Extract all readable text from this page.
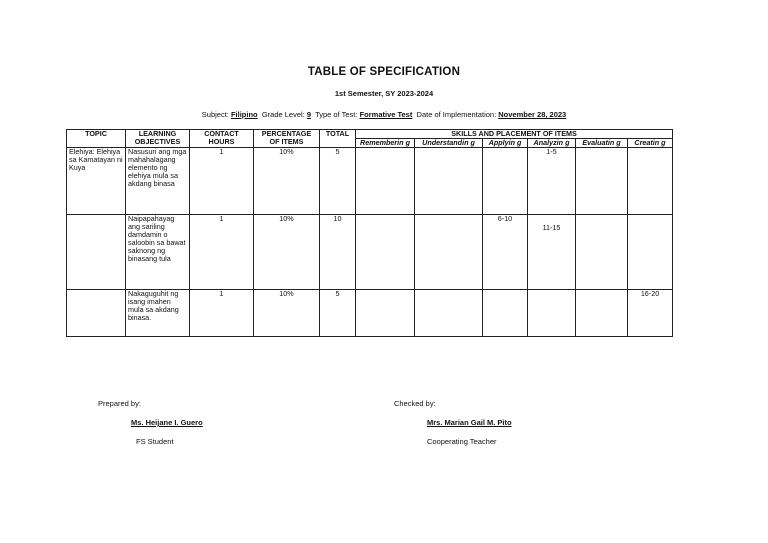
TABLE OF SPECIFICATION
1st Semester, SY 2023-2024
Subject: Filipino Grade Level: 9 Type of Test: Formative Test Date of Implementation: November 28, 2023
TOPIC	LEARNING OBJECTIVES	CONTACT HOURS	PERCENTAGE OF ITEMS	TOTAL	SKILLS AND PLACEMENT OF ITEMS					
					Rememberin g	Understandin g	Applyin g	Analyzin g	Evaluatin g	Creatin g
Elehiya: Elehiya sa Kamatayan ni Kuya	Nasusuri ang mga mahahalagang elemento ng elehiya mula sa akdang binasa	1	10%	5				1-5		
	Naipapahayag ang sariling damdamin o saloobin sa bawat saknong ng binasang tula	1	10%	10			6-10	11-15		
	Nakaguguhit ng isang imahen mula sa akdang binasa.	1	10%	5						16-20
Prepared by:
Ms. Heijane I. Guero
FS Student
Checked by:
Mrs. Marian Gail M. Pito
Cooperating Teacher
